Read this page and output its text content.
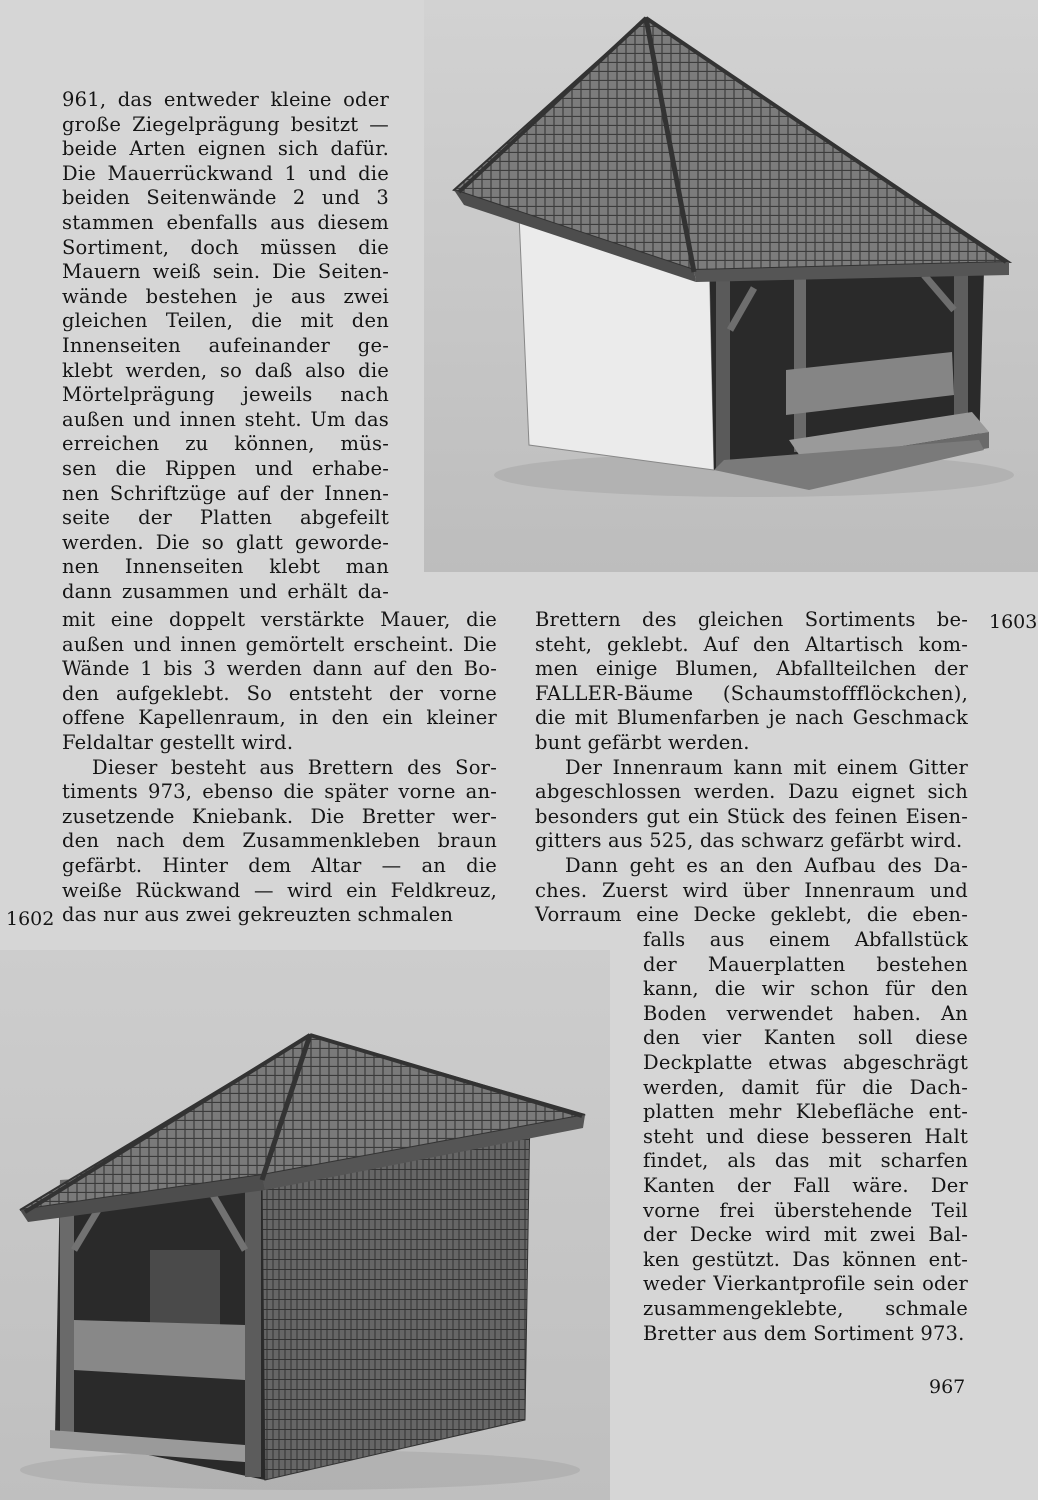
961, das entweder kleine oder
große Ziegelprägung besitzt —
beide Arten eignen sich dafür.
Die Mauerrückwand 1 und die
beiden Seitenwände 2 und 3
stammen ebenfalls aus diesem
Sortiment, doch müssen die
Mauern weiß sein. Die Seiten-
wände bestehen je aus zwei
gleichen Teilen, die mit den
Innenseiten aufeinander ge-
klebt werden, so daß also die
Mörtelprägung jeweils nach
außen und innen steht. Um das
erreichen zu können, müs-
sen die Rippen und erhabe-
nen Schriftzüge auf der Innen-
seite der Platten abgefeilt
werden. Die so glatt geworde-
nen Innenseiten klebt man
dann zusammen und erhält da-
1603
mit eine doppelt verstärkte Mauer, die
außen und innen gemörtelt erscheint. Die
Wände 1 bis 3 werden dann auf den Bo-
den aufgeklebt. So entsteht der vorne
offene Kapellenraum, in den ein kleiner
Feldaltar gestellt wird.
Dieser besteht aus Brettern des Sor-
timents 973, ebenso die später vorne an-
zusetzende Kniebank. Die Bretter wer-
den nach dem Zusammenkleben braun
gefärbt. Hinter dem Altar — an die
weiße Rückwand — wird ein Feldkreuz,
das nur aus zwei gekreuzten schmalen
Brettern des gleichen Sortiments be-
steht, geklebt. Auf den Altartisch kom-
men einige Blumen, Abfallteilchen der
FALLER-Bäume (Schaumstoffflöckchen),
die mit Blumenfarben je nach Geschmack
bunt gefärbt werden.
Der Innenraum kann mit einem Gitter
abgeschlossen werden. Dazu eignet sich
besonders gut ein Stück des feinen Eisen-
gitters aus 525, das schwarz gefärbt wird.
Dann geht es an den Aufbau des Da-
ches. Zuerst wird über Innenraum und
Vorraum eine Decke geklebt, die eben-
1602
falls aus einem Abfallstück
der Mauerplatten bestehen
kann, die wir schon für den
Boden verwendet haben. An
den vier Kanten soll diese
Deckplatte etwas abgeschrägt
werden, damit für die Dach-
platten mehr Klebefläche ent-
steht und diese besseren Halt
findet, als das mit scharfen
Kanten der Fall wäre. Der
vorne frei überstehende Teil
der Decke wird mit zwei Bal-
ken gestützt. Das können ent-
weder Vierkantprofile sein oder
zusammengeklebte, schmale
Bretter aus dem Sortiment 973.
967
